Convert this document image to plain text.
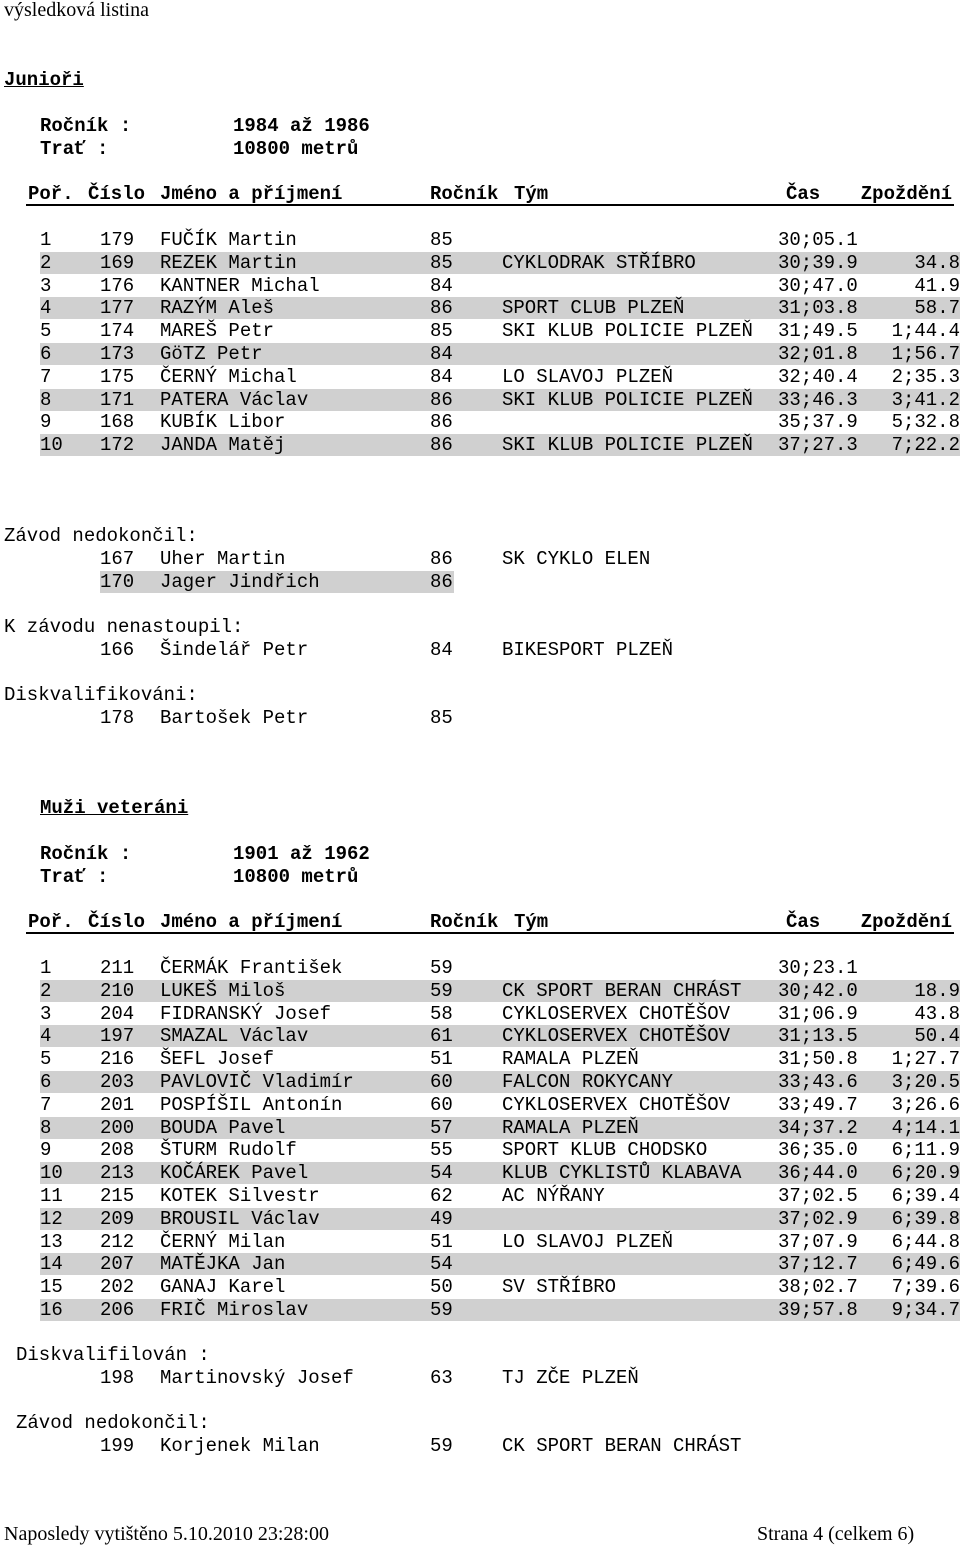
výsledková listina
Junioři
Ročník :	1984 až 1986
Trať :	10800 metrů
Poř. Číslo Jméno a příjmení	Ročník Tým	Čas Zpoždění
1	179 FUČÍK Martin	85	30;05.1
2	169 REZEK Martin	85	CYKLODRAK STŘÍBRO	30;39.9	34.8
3	176 KANTNER Michal	84	30;47.0	41.9
4	177 RAZÝM Aleš	86	SPORT CLUB PLZEŇ	31;03.8	58.7
5	174 MAREŠ Petr	85	SKI KLUB POLICIE PLZEŇ 31;49.5 1;44.4
6	173 GöTZ Petr	84	32;01.8 1;56.7
7	175 ČERNÝ Michal	84	LO SLAVOJ PLZEŇ	32;40.4 2;35.3
8	171 PATERA Václav	86	SKI KLUB POLICIE PLZEŇ 33;46.3 3;41.2
9	168 KUBÍK Libor	86	35;37.9 5;32.8
10 172 JANDA Matěj	86	SKI KLUB POLICIE PLZEŇ 37;27.3 7;22.2
Závod nedokončil:
167 Uher Martin	86	SK CYKLO ELEN
170 Jager Jindřich	86
K závodu nenastoupil:
166 Šindelář Petr	84	BIKESPORT PLZEŇ
Diskvalifikováni:
178 Bartošek Petr	85
Muži veteráni
Ročník :	1901 až 1962
Trať :	10800 metrů
Poř. Číslo Jméno a příjmení	Ročník Tým	Čas Zpoždění
1	211 ČERMÁK František	59	30;23.1
2	210 LUKEŠ Miloš	59	CK SPORT BERAN CHRÁST 30;42.0	18.9
3	204 FIDRANSKÝ Josef	58	CYKLOSERVEX CHOTĚŠOV	31;06.9	43.8
4	197 SMAZAL Václav	61	CYKLOSERVEX CHOTĚŠOV	31;13.5	50.4
5	216 ŠEFL Josef	51	RAMALA PLZEŇ	31;50.8 1;27.7
6	203 PAVLOVIČ Vladimír	60	FALCON ROKYCANY	33;43.6 3;20.5
7	201 POSPÍŠIL Antonín	60	CYKLOSERVEX CHOTĚŠOV	33;49.7 3;26.6
8	200 BOUDA Pavel	57	RAMALA PLZEŇ	34;37.2 4;14.1
9	208 ŠTURM Rudolf	55	SPORT KLUB CHODSKO	36;35.0 6;11.9
10 213 KOČÁREK Pavel	54	KLUB CYKLISTŮ KLABAVA 36;44.0 6;20.9
11 215 KOTEK Silvestr	62	AC NÝŘANY	37;02.5 6;39.4
12 209 BROUSIL Václav	49	37;02.9 6;39.8
13 212 ČERNÝ Milan	51	LO SLAVOJ PLZEŇ	37;07.9 6;44.8
14 207 MATĚJKA Jan	54	37;12.7 6;49.6
15 202 GANAJ Karel	50	SV STŘÍBRO	38;02.7 7;39.6
16 206 FRIČ Miroslav	59	39;57.8 9;34.7
Diskvalifilován :
198 Martinovský Josef	63	TJ ZČE PLZEŇ
Závod nedokončil:
199 Korjenek Milan	59	CK SPORT BERAN CHRÁST
Naposledy vytištěno 5.10.2010 23:28:00	Strana 4 (celkem 6)
